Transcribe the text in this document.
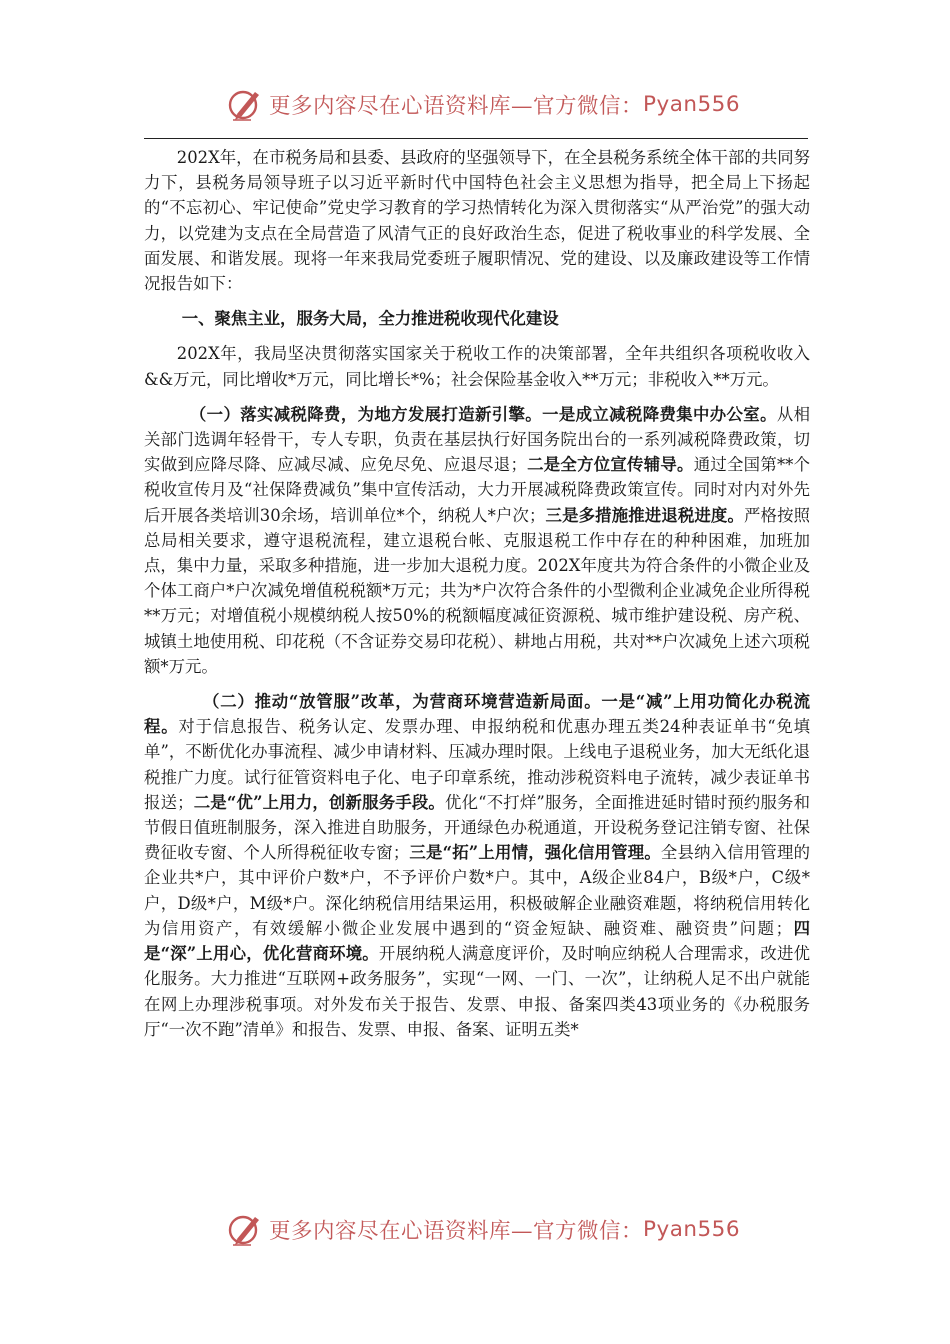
更多内容尽在心语资料库—官方微信： Pyan556

202X年，在市税务局和县委、县政府的坚强领导下，在全县税务系统全体干部的共同努力下，县税务局领导班子以习近平新时代中国特色社会主义思想为指导，把全局上下扬起的“不忘初心、牢记使命”党史学习教育的学习热情转化为深入贯彻落实“从严治党”的强大动力，以党建为支点在全局营造了风清气正的良好政治生态，促进了税收事业的科学发展、全面发展、和谐发展。现将一年来我局党委班子履职情况、党的建设、以及廉政建设等工作情况报告如下：

一、聚焦主业，服务大局，全力推进税收现代化建设

202X年，我局坚决贯彻落实国家关于税收工作的决策部署，全年共组织各项税收收入&&万元，同比增收*万元，同比增长*%；社会保险基金收入**万元；非税收入**万元。

（一）落实减税降费，为地方发展打造新引擎。一是成立减税降费集中办公室。从相关部门选调年轻骨干，专人专职，负责在基层执行好国务院出台的一系列减税降费政策，切实做到应降尽降、应减尽减、应免尽免、应退尽退；二是全方位宣传辅导。通过全国第**个税收宣传月及“社保降费减负”集中宣传活动，大力开展减税降费政策宣传。同时对内对外先后开展各类培训30余场，培训单位*个，纳税人*户次；三是多措施推进退税进度。严格按照总局相关要求，遵守退税流程，建立退税台帐、克服退税工作中存在的种种困难，加班加点，集中力量，采取多种措施，进一步加大退税力度。202X年度共为符合条件的小微企业及个体工商户*户次减免增值税税额*万元；共为*户次符合条件的小型微利企业减免企业所得税**万元；对增值税小规模纳税人按50%的税额幅度减征资源税、城市维护建设税、房产税、城镇土地使用税、印花税（不含证券交易印花税）、耕地占用税，共对**户次减免上述六项税额*万元。

（二）推动“放管服”改革，为营商环境营造新局面。一是“减”上用功简化办税流程。对于信息报告、税务认定、发票办理、申报纳税和优惠办理五类24种表证单书“免填单”，不断优化办事流程、减少申请材料、压减办理时限。上线电子退税业务，加大无纸化退税推广力度。试行征管资料电子化、电子印章系统，推动涉税资料电子流转，减少表证单书报送；二是“优”上用力，创新服务手段。优化“不打烊”服务，全面推进延时错时预约服务和节假日值班制服务，深入推进自助服务，开通绿色办税通道，开设税务登记注销专窗、社保费征收专窗、个人所得税征收专窗；三是“拓”上用情，强化信用管理。全县纳入信用管理的企业共*户，其中评价户数*户，不予评价户数*户。其中，A级企业84户，B级*户，C级*户，D级*户，M级*户。深化纳税信用结果运用，积极破解企业融资难题，将纳税信用转化为信用资产，有效缓解小微企业发展中遇到的“资金短缺、融资难、融资贵”问题；四是“深”上用心，优化营商环境。开展纳税人满意度评价，及时响应纳税人合理需求，改进优化服务。大力推进“互联网+政务服务”，实现“一网、一门、一次”，让纳税人足不出户就能在网上办理涉税事项。对外发布关于报告、发票、申报、备案四类43项业务的《办税服务厅“一次不跑”清单》和报告、发票、申报、备案、证明五类*

更多内容尽在心语资料库—官方微信： Pyan556
